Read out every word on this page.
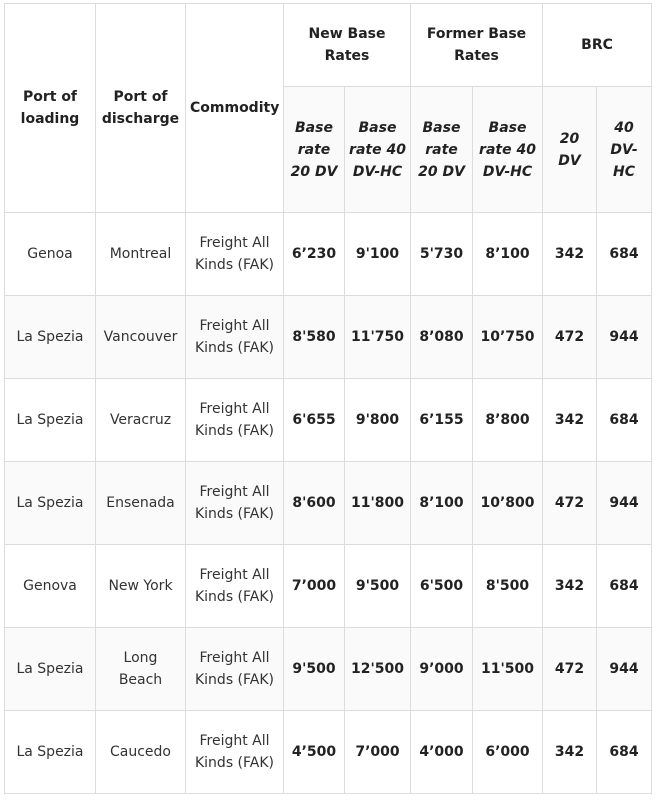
Port of loading	Port of discharge	Commodity	New Base Rates		Former Base Rates		BRC	
			Base rate 20 DV	Base rate 40 DV-HC	Base rate 20 DV	Base rate 40 DV-HC	20 DV	40 DV-HC
Genoa	Montreal	Freight All Kinds (FAK)	6’230	9'100	5'730	8’100	342	684
La Spezia	Vancouver	Freight All Kinds (FAK)	8'580	11'750	8’080	10’750	472	944
La Spezia	Veracruz	Freight All Kinds (FAK)	6'655	9'800	6’155	8’800	342	684
La Spezia	Ensenada	Freight All Kinds (FAK)	8'600	11'800	8’100	10’800	472	944
Genova	New York	Freight All Kinds (FAK)	7’000	9'500	6'500	8'500	342	684
La Spezia	Long Beach	Freight All Kinds (FAK)	9'500	12'500	9’000	11'500	472	944
La Spezia	Caucedo	Freight All Kinds (FAK)	4’500	7’000	4’000	6’000	342	684
